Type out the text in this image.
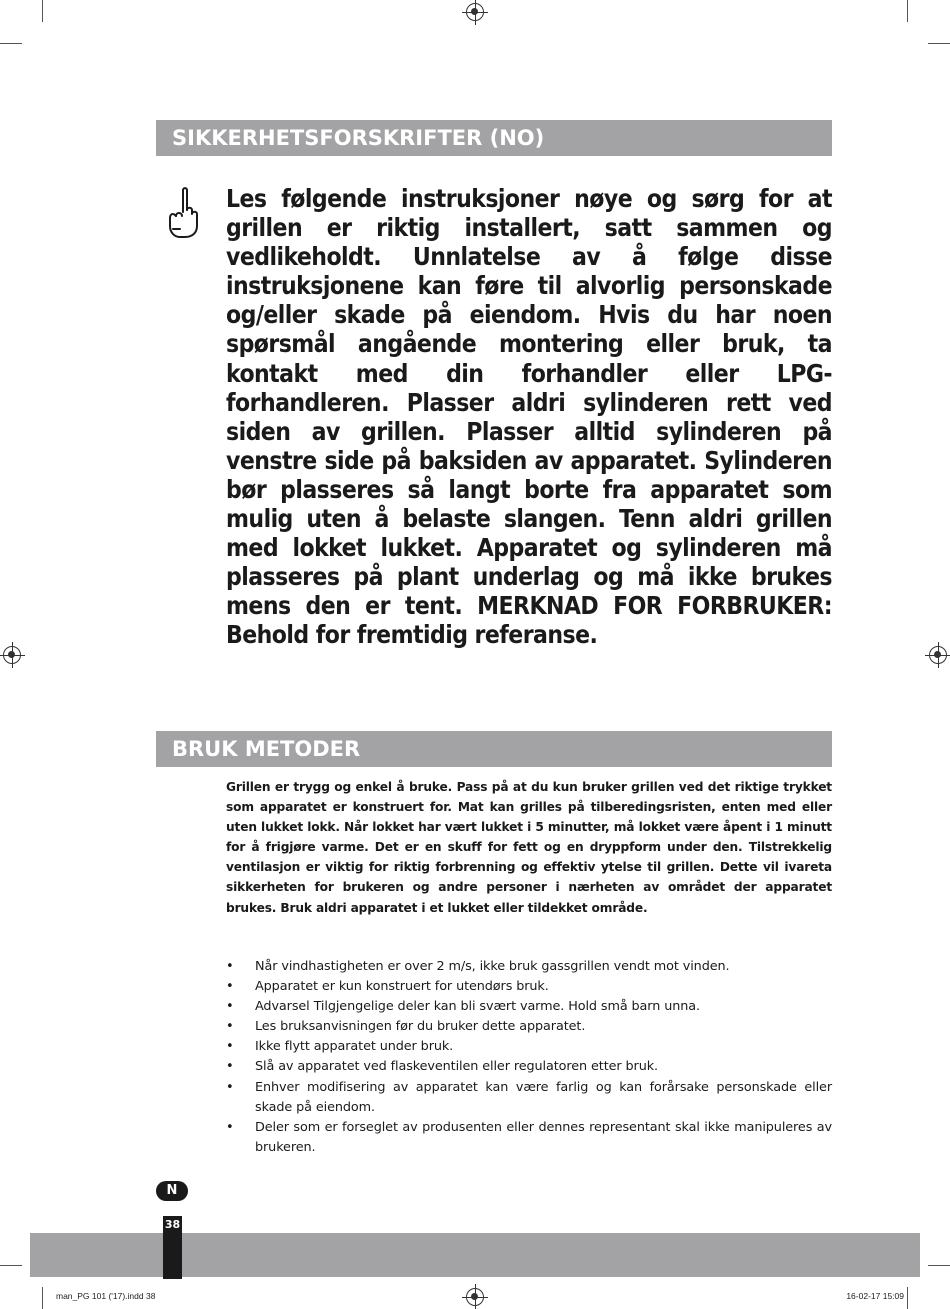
SIKKERHETSFORSKRIFTER (NO)

Les følgende instruksjoner nøye og sørg for at grillen er riktig installert, satt sammen og vedlikeholdt. Unnlatelse av å følge disse instruksjonene kan føre til alvorlig personskade og/eller skade på eiendom. Hvis du har noen spørsmål angående montering eller bruk, ta kontakt med din forhandler eller LPG-forhandleren. Plasser aldri sylinderen rett ved siden av grillen. Plasser alltid sylinderen på venstre side på baksiden av apparatet. Sylinderen bør plasseres så langt borte fra apparatet som mulig uten å belaste slangen. Tenn aldri grillen med lokket lukket. Apparatet og sylinderen må plasseres på plant underlag og må ikke brukes mens den er tent. MERKNAD FOR FORBRUKER: Behold for fremtidig referanse.

BRUK METODER

Grillen er trygg og enkel å bruke. Pass på at du kun bruker grillen ved det riktige trykket som apparatet er konstruert for. Mat kan grilles på tilberedingsristen, enten med eller uten lukket lokk. Når lokket har vært lukket i 5 minutter, må lokket være åpent i 1 minutt for å frigjøre varme. Det er en skuff for fett og en dryppform under den. Tilstrekkelig ventilasjon er viktig for riktig forbrenning og effektiv ytelse til grillen. Dette vil ivareta sikkerheten for brukeren og andre personer i nærheten av området der apparatet brukes. Bruk aldri apparatet i et lukket eller tildekket område.

• Når vindhastigheten er over 2 m/s, ikke bruk gassgrillen vendt mot vinden.
• Apparatet er kun konstruert for utendørs bruk.
• Advarsel Tilgjengelige deler kan bli svært varme. Hold små barn unna.
• Les bruksanvisningen før du bruker dette apparatet.
• Ikke flytt apparatet under bruk.
• Slå av apparatet ved flaskeventilen eller regulatoren etter bruk.
• Enhver modifisering av apparatet kan være farlig og kan forårsake personskade eller skade på eiendom.
• Deler som er forseglet av produsenten eller dennes representant skal ikke manipuleres av brukeren.
N
38
man_PG 101 ('17).indd 38	16-02-17 15:09
